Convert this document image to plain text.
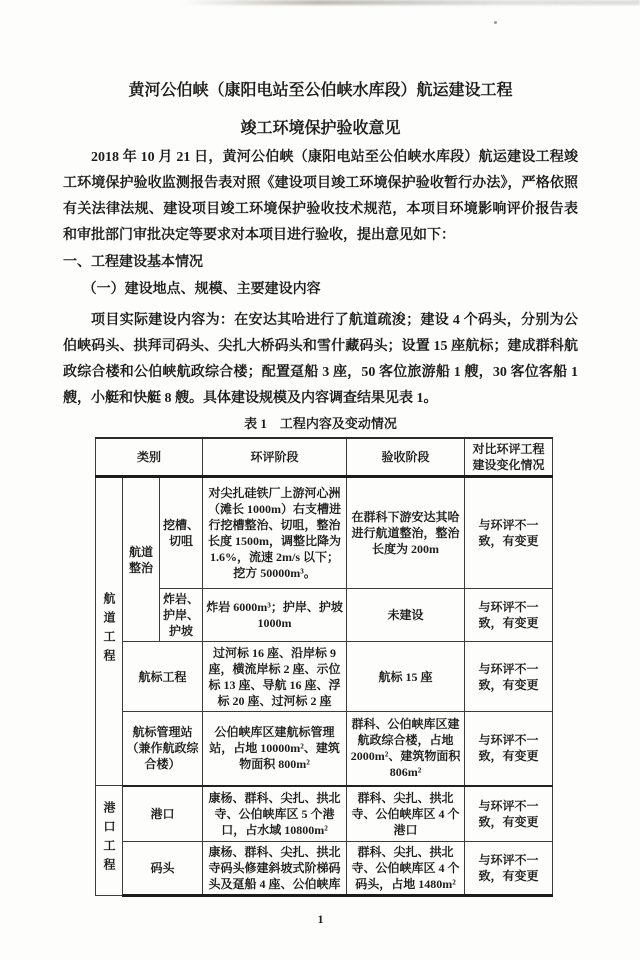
黄河公伯峡（康阳电站至公伯峡水库段）航运建设工程
竣工环境保护验收意见

2018 年 10 月 21 日，黄河公伯峡（康阳电站至公伯峡水库段）航运建设工程竣工环境保护验收监测报告表对照《建设项目竣工环境保护验收暂行办法》，严格依照有关法律法规、建设项目竣工环境保护验收技术规范，本项目环境影响评价报告表和审批部门审批决定等要求对本项目进行验收，提出意见如下：

一、工程建设基本情况

（一）建设地点、规模、主要建设内容

项目实际建设内容为：在安达其哈进行了航道疏浚；建设 4 个码头，分别为公伯峡码头、拱拜司码头、尖扎大桥码头和雪什藏码头；设置 15 座航标；建成群科航政综合楼和公伯峡航政综合楼；配置趸船 3 座，50 客位旅游船 1 艘，30 客位客船 1 艘，小艇和快艇 8 艘。具体建设规模及内容调查结果见表 1。

表 1　工程内容及变动情况
类别			环评阶段	验收阶段	对比环评工程建设变化情况
航道工程	航道整治	挖槽、切咀	对尖扎硅铁厂上游河心洲（滩长 1000m）右支槽进行挖槽整治、切咀，整治长度 1500m，调整比降为 1.6%，流速 2m/s 以下；挖方 50000m³。	在群科下游安达其哈进行航道整治，整治长度为 200m	与环评不一致，有变更
		炸岩、护岸、护坡	炸岩 6000m³；护岸、护坡 1000m	未建设	与环评不一致，有变更
	航标工程		过河标 16 座、沿岸标 9 座，横流岸标 2 座、示位标 13 座、导航 16 座、浮标 20 座、过河标 2 座	航标 15 座	与环评不一致，有变更
	航标管理站（兼作航政综合楼）		公伯峡库区建航标管理站，占地 10000m²、建筑物面积 800m²	群科、公伯峡库区建航政综合楼，占地 2000m²、建筑物面积 806m²	与环评不一致，有变更
港口工程	港口		康杨、群科、尖扎、拱北寺、公伯峡库区 5 个港口，占水域 10800m²	群科、尖扎、拱北寺、公伯峡库区 4 个港口	与环评不一致，有变更
	码头		康杨、群科、尖扎、拱北寺码头修建斜坡式阶梯码头及趸船 4 座、公伯峡库	群科、尖扎、拱北寺、公伯峡库区 4 个码头，占地 1480m²	与环评不一致，有变更
1
